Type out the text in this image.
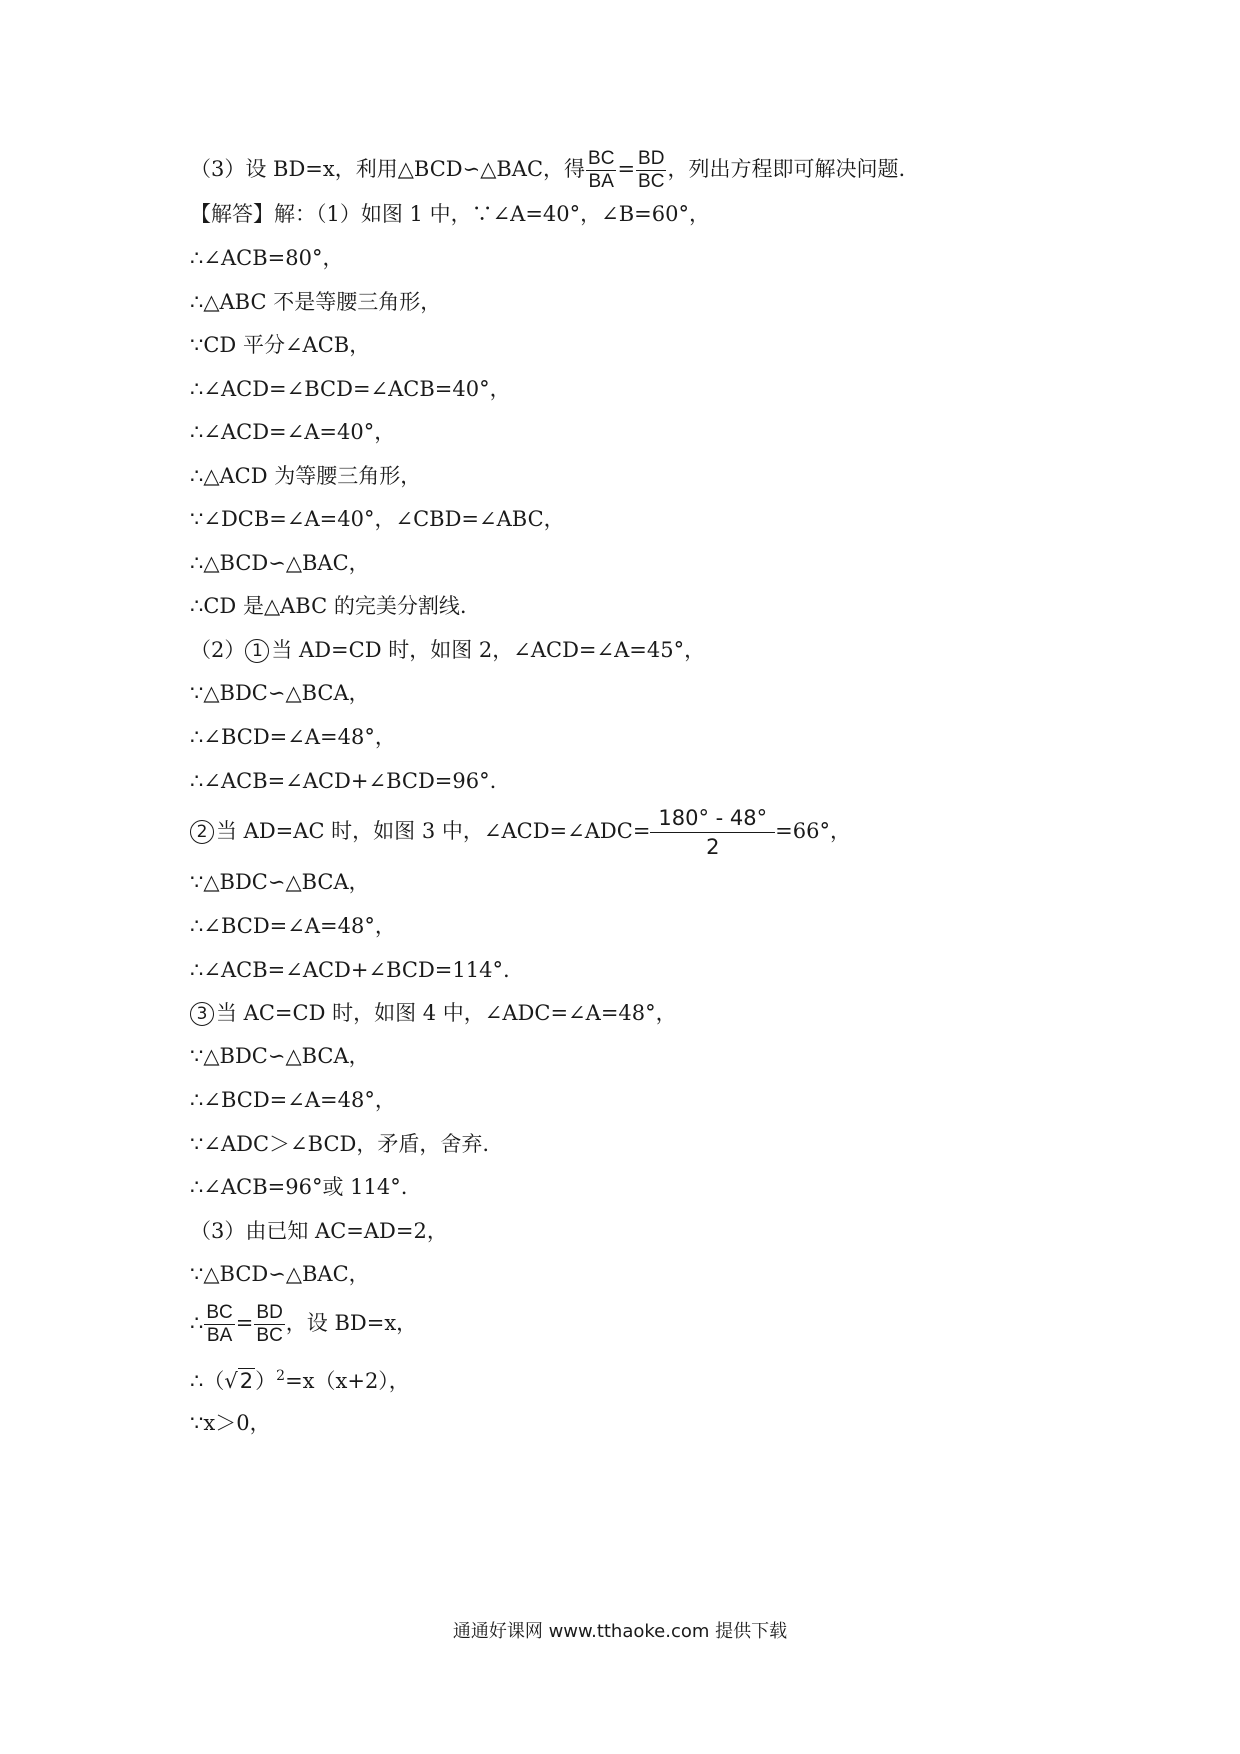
（3）设 BD=x，利用△BCD∽△BAC，得 $\frac{BC}{BA} = \frac{BD}{BC}$ ，列出方程即可解决问题.
【解答】解：（1）如图 1 中，∵∠A=40°，∠B=60°，
∴∠ACB=80°，
∴△ABC 不是等腰三角形，
∵CD 平分∠ACB，
∴∠ACD=∠BCD=∠ACB=40°，
∴∠ACD=∠A=40°，
∴△ACD 为等腰三角形，
∵∠DCB=∠A=40°，∠CBD=∠ABC，
∴△BCD∽△BAC，
∴CD 是△ABC 的完美分割线.
（2） 1 当 AD=CD 时，如图 2，∠ACD=∠A=45°，
∵△BDC∽△BCA，
∴∠BCD=∠A=48°，
∴∠ACB=∠ACD+∠BCD=96°.
2 当 AD=AC 时，如图 3 中，∠ACD=∠ADC= $\frac{180^\circ - 48^\circ}{2} =66^\circ$，
∵△BDC∽△BCA，
∴∠BCD=∠A=48°，
∴∠ACB=∠ACD+∠BCD=114°.
3 当 AC=CD 时，如图 4 中，∠ADC=∠A=48°，
∵△BDC∽△BCA，
∴∠BCD=∠A=48°，
∵∠ADC＞∠BCD，矛盾，舍弃.
∴∠ACB=96°或 114°.
（3）由已知 AC=AD=2，
∵△BCD∽△BAC，
∴ $\frac{BC}{BA} = \frac{BD}{BC}$ ，设 BD=x，
$\therefore(√2)^2=x(x+2)$，
∵x＞0，
通通好课网 www.tthaoke.com 提供下载
